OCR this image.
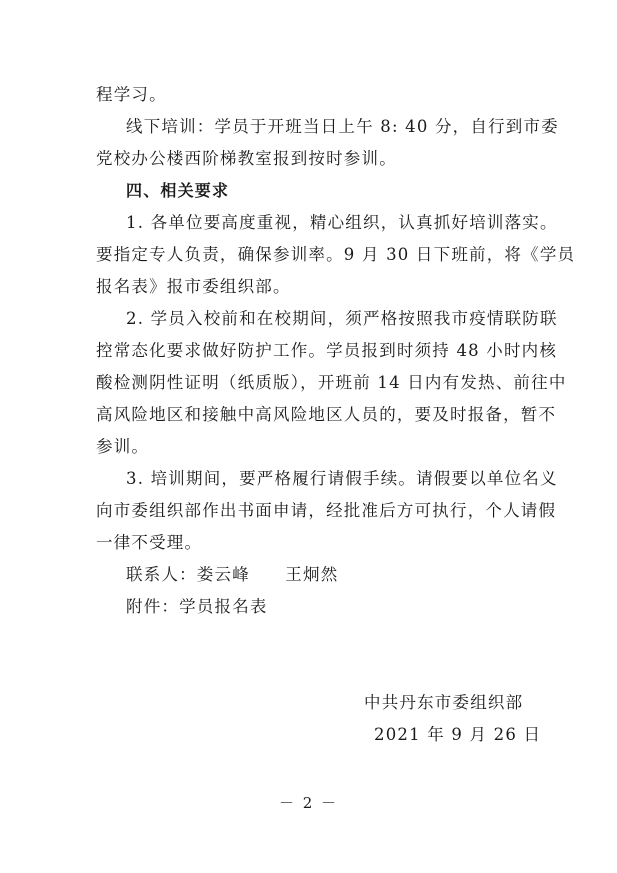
程学习。
线下培训：学员于开班当日上午 8: 40 分，自行到市委
党校办公楼西阶梯教室报到按时参训。
四、相关要求
1. 各单位要高度重视，精心组织，认真抓好培训落实。
要指定专人负责，确保参训率。9 月 30 日下班前，将《学员
报名表》报市委组织部。
2. 学员入校前和在校期间，须严格按照我市疫情联防联
控常态化要求做好防护工作。学员报到时须持 48 小时内核
酸检测阴性证明（纸质版），开班前 14 日内有发热、前往中
高风险地区和接触中高风险地区人员的，要及时报备，暂不
参训。
3. 培训期间，要严格履行请假手续。请假要以单位名义
向市委组织部作出书面申请，经批准后方可执行，个人请假
一律不受理。
联系人：娄云峰　　王炯然
附件：学员报名表
中共丹东市委组织部
2021 年 9 月 26 日
－ 2 －
